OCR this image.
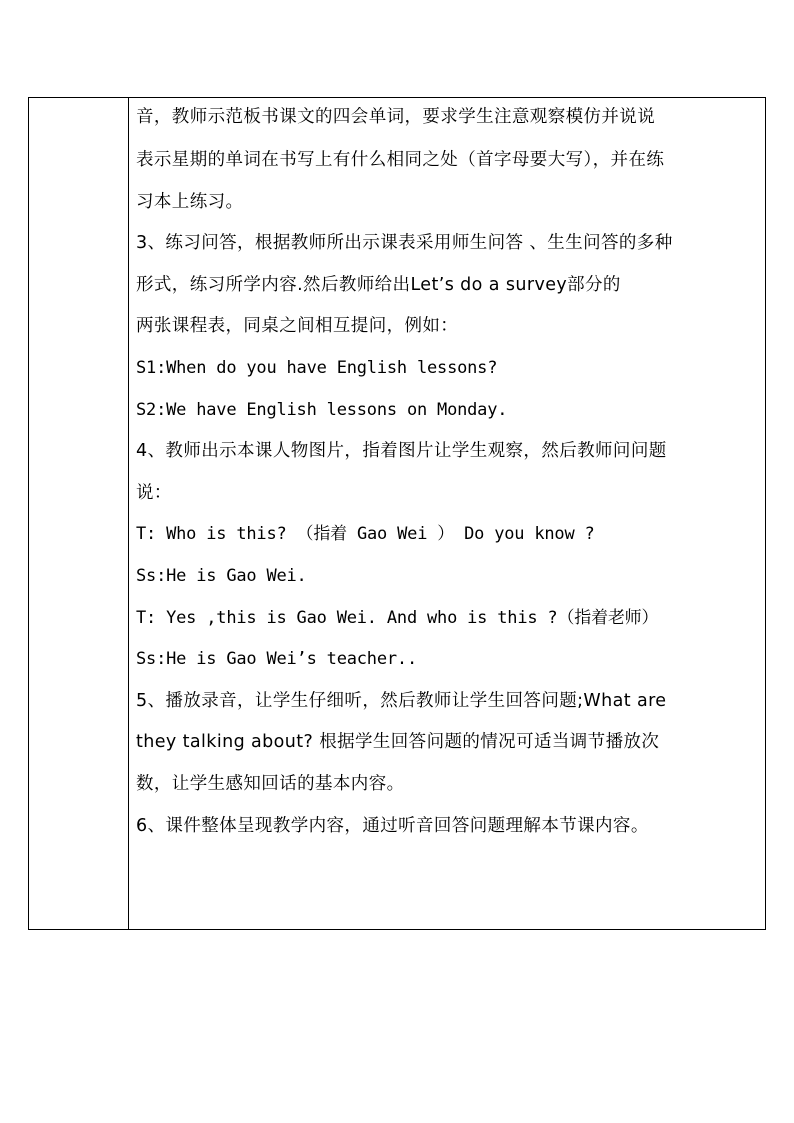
音，教师示范板书课文的四会单词，要求学生注意观察模仿并说说
表示星期的单词在书写上有什么相同之处（首字母要大写），并在练
习本上练习。
3、练习问答，根据教师所出示课表采用师生问答 、生生问答的多种
形式，练习所学内容.然后教师给出Let’s do a survey部分的
两张课程表，同桌之间相互提问，例如：
S1:When do you have English lessons?
S2:We have English lessons on Monday.
4、教师出示本课人物图片，指着图片让学生观察，然后教师问问题
说：
T: Who is this? （指着 Gao Wei ） Do you know ?
Ss:He is Gao Wei.
T: Yes ,this is Gao Wei. And who is this ?（指着老师）
Ss:He is Gao Wei’s teacher..
5、播放录音，让学生仔细听，然后教师让学生回答问题;What are
they talking about? 根据学生回答问题的情况可适当调节播放次
数，让学生感知回话的基本内容。
6、课件整体呈现教学内容，通过听音回答问题理解本节课内容。
